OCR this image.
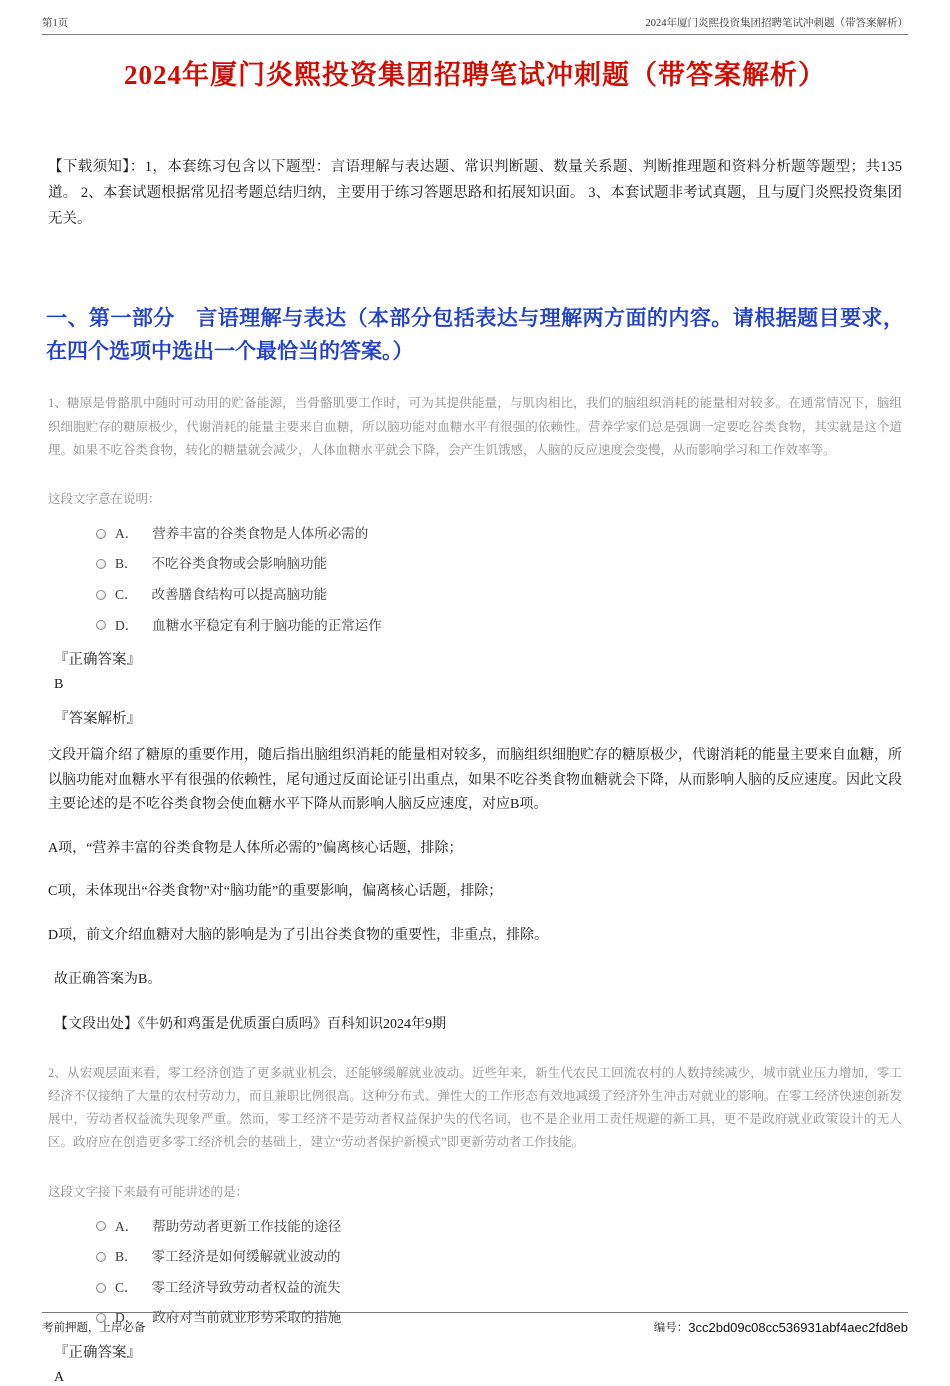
第1页	2024年厦门炎熙投资集团招聘笔试冲刺题（带答案解析）
2024年厦门炎熙投资集团招聘笔试冲刺题（带答案解析）

【下载须知】：1，本套练习包含以下题型：言语理解与表达题、常识判断题、数量关系题、判断推理题和资料分析题等题型；共135道。 2、本套试题根据常见招考题总结归纳，主要用于练习答题思路和拓展知识面。 3、本套试题非考试真题，且与厦门炎熙投资集团无关。

一、第一部分　言语理解与表达（本部分包括表达与理解两方面的内容。请根据题目要求，在四个选项中选出一个最恰当的答案。）

1、糖原是骨骼肌中随时可动用的贮备能源，当骨骼肌要工作时，可为其提供能量，与肌肉相比，我们的脑组织消耗的能量相对较多。在通常情况下，脑组织细胞贮存的糖原极少，代谢消耗的能量主要来自血糖，所以脑功能对血糖水平有很强的依赖性。营养学家们总是强调一定要吃谷类食物，其实就是这个道理。如果不吃谷类食物，转化的糖量就会减少，人体血糖水平就会下降，会产生饥饿感，人脑的反应速度会变慢，从而影响学习和工作效率等。

这段文字意在说明：

A． 营养丰富的谷类食物是人体所必需的
B． 不吃谷类食物或会影响脑功能
C． 改善膳食结构可以提高脑功能
D． 血糖水平稳定有利于脑功能的正常运作

『正确答案』

B

『答案解析』

文段开篇介绍了糖原的重要作用，随后指出脑组织消耗的能量相对较多，而脑组织细胞贮存的糖原极少，代谢消耗的能量主要来自血糖，所以脑功能对血糖水平有很强的依赖性，尾句通过反面论证引出重点，如果不吃谷类食物血糖就会下降，从而影响人脑的反应速度。因此文段主要论述的是不吃谷类食物会使血糖水平下降从而影响人脑反应速度，对应B项。

A项，“营养丰富的谷类食物是人体所必需的”偏离核心话题，排除；

C项，未体现出“谷类食物”对“脑功能”的重要影响，偏离核心话题，排除；

D项，前文介绍血糖对大脑的影响是为了引出谷类食物的重要性，非重点，排除。

故正确答案为B。

【文段出处】《牛奶和鸡蛋是优质蛋白质吗》百科知识2024年9期

2、从宏观层面来看，零工经济创造了更多就业机会，还能够缓解就业波动。近些年来，新生代农民工回流农村的人数持续减少，城市就业压力增加，零工经济不仅接纳了大量的农村劳动力，而且兼职比例很高。这种分布式、弹性大的工作形态有效地减缓了经济外生冲击对就业的影响。在零工经济快速创新发展中，劳动者权益流失现象严重。然而，零工经济不是劳动者权益保护失的代名词，也不是企业用工责任规避的新工具，更不是政府就业政策设计的无人区。政府应在创造更多零工经济机会的基础上，建立“劳动者保护新模式”即更新劳动者工作技能。

这段文字接下来最有可能讲述的是：

A． 帮助劳动者更新工作技能的途径
B． 零工经济是如何缓解就业波动的
C． 零工经济导致劳动者权益的流失
D． 政府对当前就业形势采取的措施

『正确答案』

A

考前押题，上岸必备	编号： 3cc2bd09c08cc536931abf4aec2fd8eb
